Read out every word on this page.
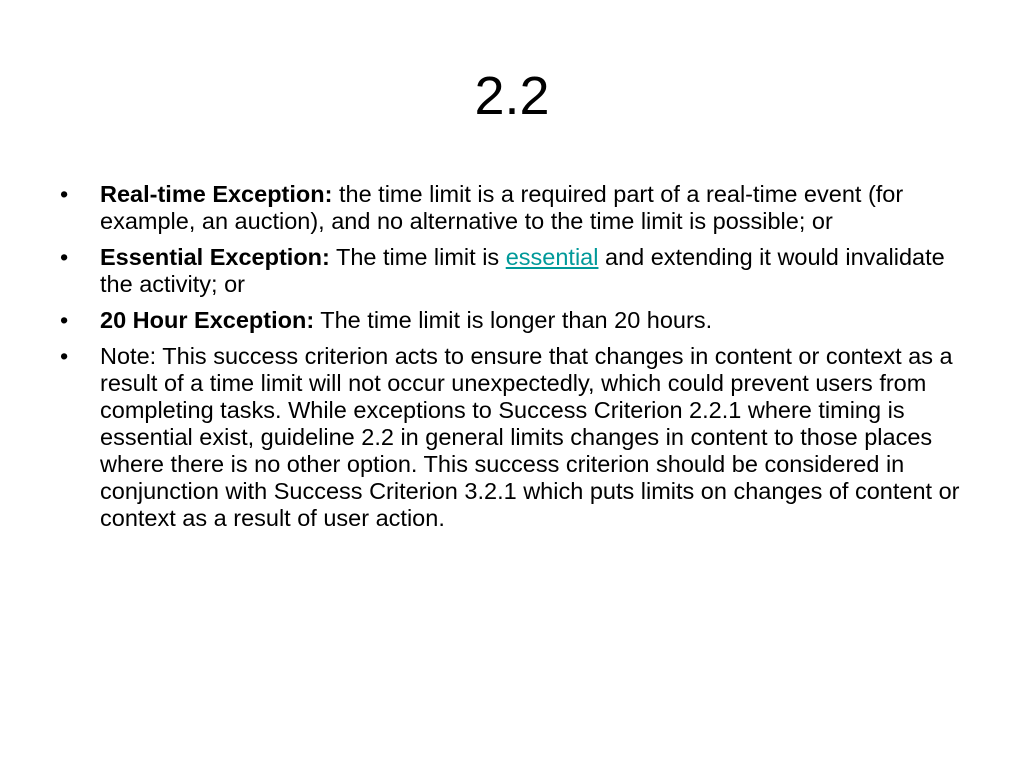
2.2
• Real-time Exception: the time limit is a required part of a real-time event (for example, an auction), and no alternative to the time limit is possible; or
• Essential Exception: The time limit is essential and extending it would invalidate the activity; or
• 20 Hour Exception: The time limit is longer than 20 hours.
• Note: This success criterion acts to ensure that changes in content or context as a result of a time limit will not occur unexpectedly, which could prevent users from completing tasks. While exceptions to Success Criterion 2.2.1 where timing is essential exist, guideline 2.2 in general limits changes in content to those places where there is no other option. This success criterion should be considered in conjunction with Success Criterion 3.2.1 which puts limits on changes of content or context as a result of user action.
